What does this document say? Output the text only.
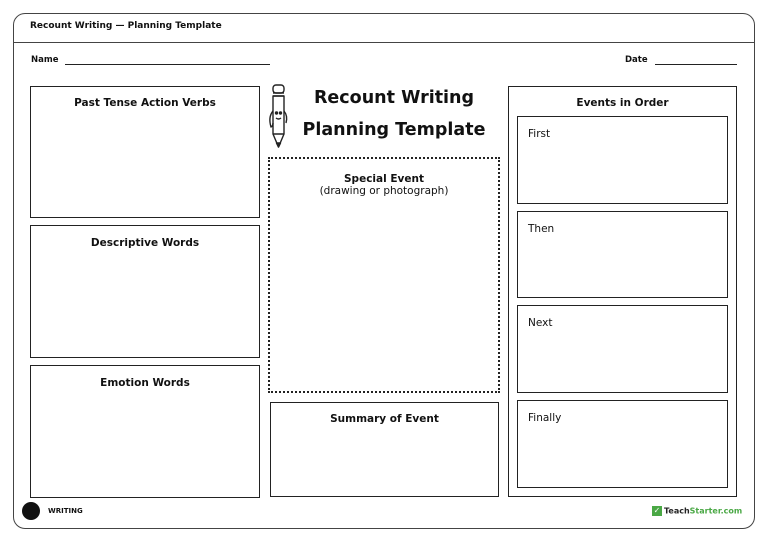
Recount Writing — Planning Template
Name	Date
Past Tense Action Verbs
Descriptive Words
Emotion Words
Recount Writing
Planning Template
Special Event
(drawing or photograph)
Summary of Event
Events in Order
First
Then
Next
Finally
WRITING	✓ TeachStarter.com
